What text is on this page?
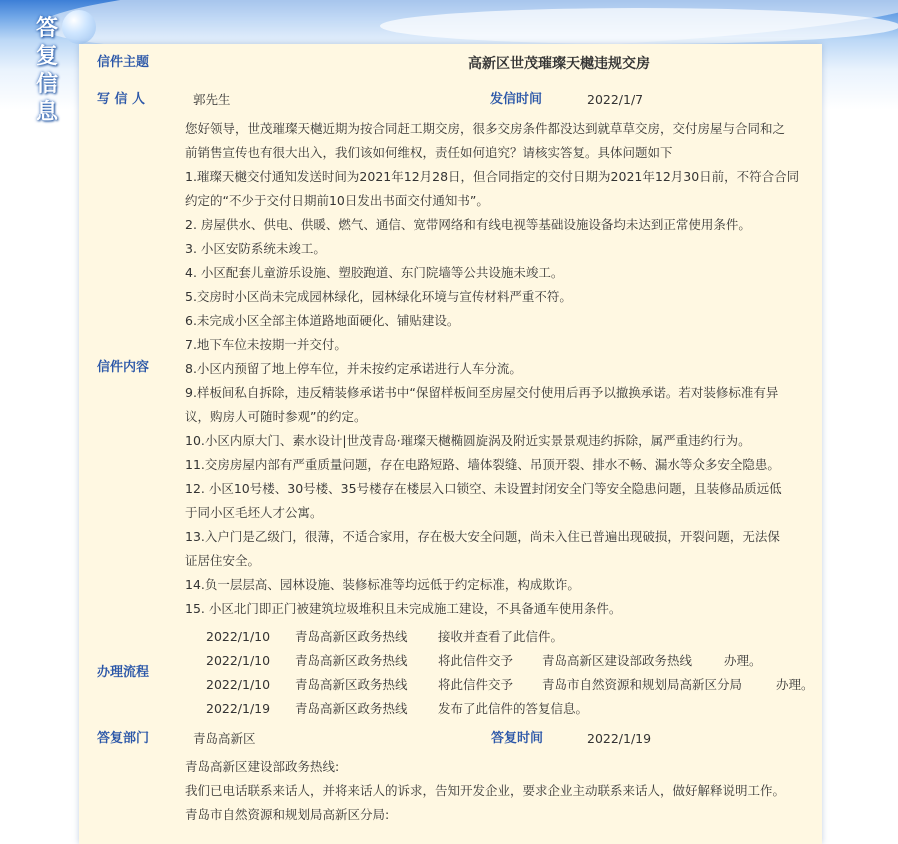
答
复
信
息
信件主题	高新区世茂璀璨天樾违规交房
写 信 人	郭先生	发信时间	2022/1/7
信件内容

您好领导，世茂璀璨天樾近期为按合同赶工期交房，很多交房条件都没达到就草草交房，交付房屋与合同和之

前销售宣传也有很大出入，我们该如何维权，责任如何追究？请核实答复。具体问题如下

1.璀璨天樾交付通知发送时间为2021年12月28日，但合同指定的交付日期为2021年12月30日前，不符合合同

约定的“不少于交付日期前10日发出书面交付通知书”。

2. 房屋供水、供电、供暖、燃气、通信、宽带网络和有线电视等基础设施设备均未达到正常使用条件。

3. 小区安防系统未竣工。

4. 小区配套儿童游乐设施、塑胶跑道、东门院墙等公共设施未竣工。

5.交房时小区尚未完成园林绿化，园林绿化环境与宣传材料严重不符。

6.未完成小区全部主体道路地面硬化、铺贴建设。

7.地下车位未按期一并交付。

8.小区内预留了地上停车位，并未按约定承诺进行人车分流。

9.样板间私自拆除，违反精装修承诺书中“保留样板间至房屋交付使用后再予以撤换承诺。若对装修标准有异

议，购房人可随时参观”的约定。

10.小区内原大门、素水设计|世茂青岛·璀璨天樾椭圆旋涡及附近实景景观违约拆除，属严重违约行为。

11.交房房屋内部有严重质量问题，存在电路短路、墙体裂缝、吊顶开裂、排水不畅、漏水等众多安全隐患。

12. 小区10号楼、30号楼、35号楼存在楼层入口锁空、未设置封闭安全门等安全隐患问题，且装修品质远低

于同小区毛坯人才公寓。

13.入户门是乙级门，很薄，不适合家用，存在极大安全问题，尚未入住已普遍出现破损，开裂问题，无法保

证居住安全。

14.负一层层高、园林设施、装修标准等均远低于约定标准，构成欺诈。

15. 小区北门即正门被建筑垃圾堆积且未完成施工建设，不具备通车使用条件。

办理流程
2022/1/10 青岛高新区政务热线 接收并查看了此信件。
2022/1/10 青岛高新区政务热线 将此信件交予 青岛高新区建设部政务热线	办理。
2022/1/10 青岛高新区政务热线 将此信件交予 青岛市自然资源和规划局高新区分局	办理。
2022/1/19 青岛高新区政务热线 发布了此信件的答复信息。
答复部门	青岛高新区	答复时间	2022/1/19

青岛高新区建设部政务热线:

我们已电话联系来话人，并将来话人的诉求，告知开发企业，要求企业主动联系来话人，做好解释说明工作。

青岛市自然资源和规划局高新区分局:
